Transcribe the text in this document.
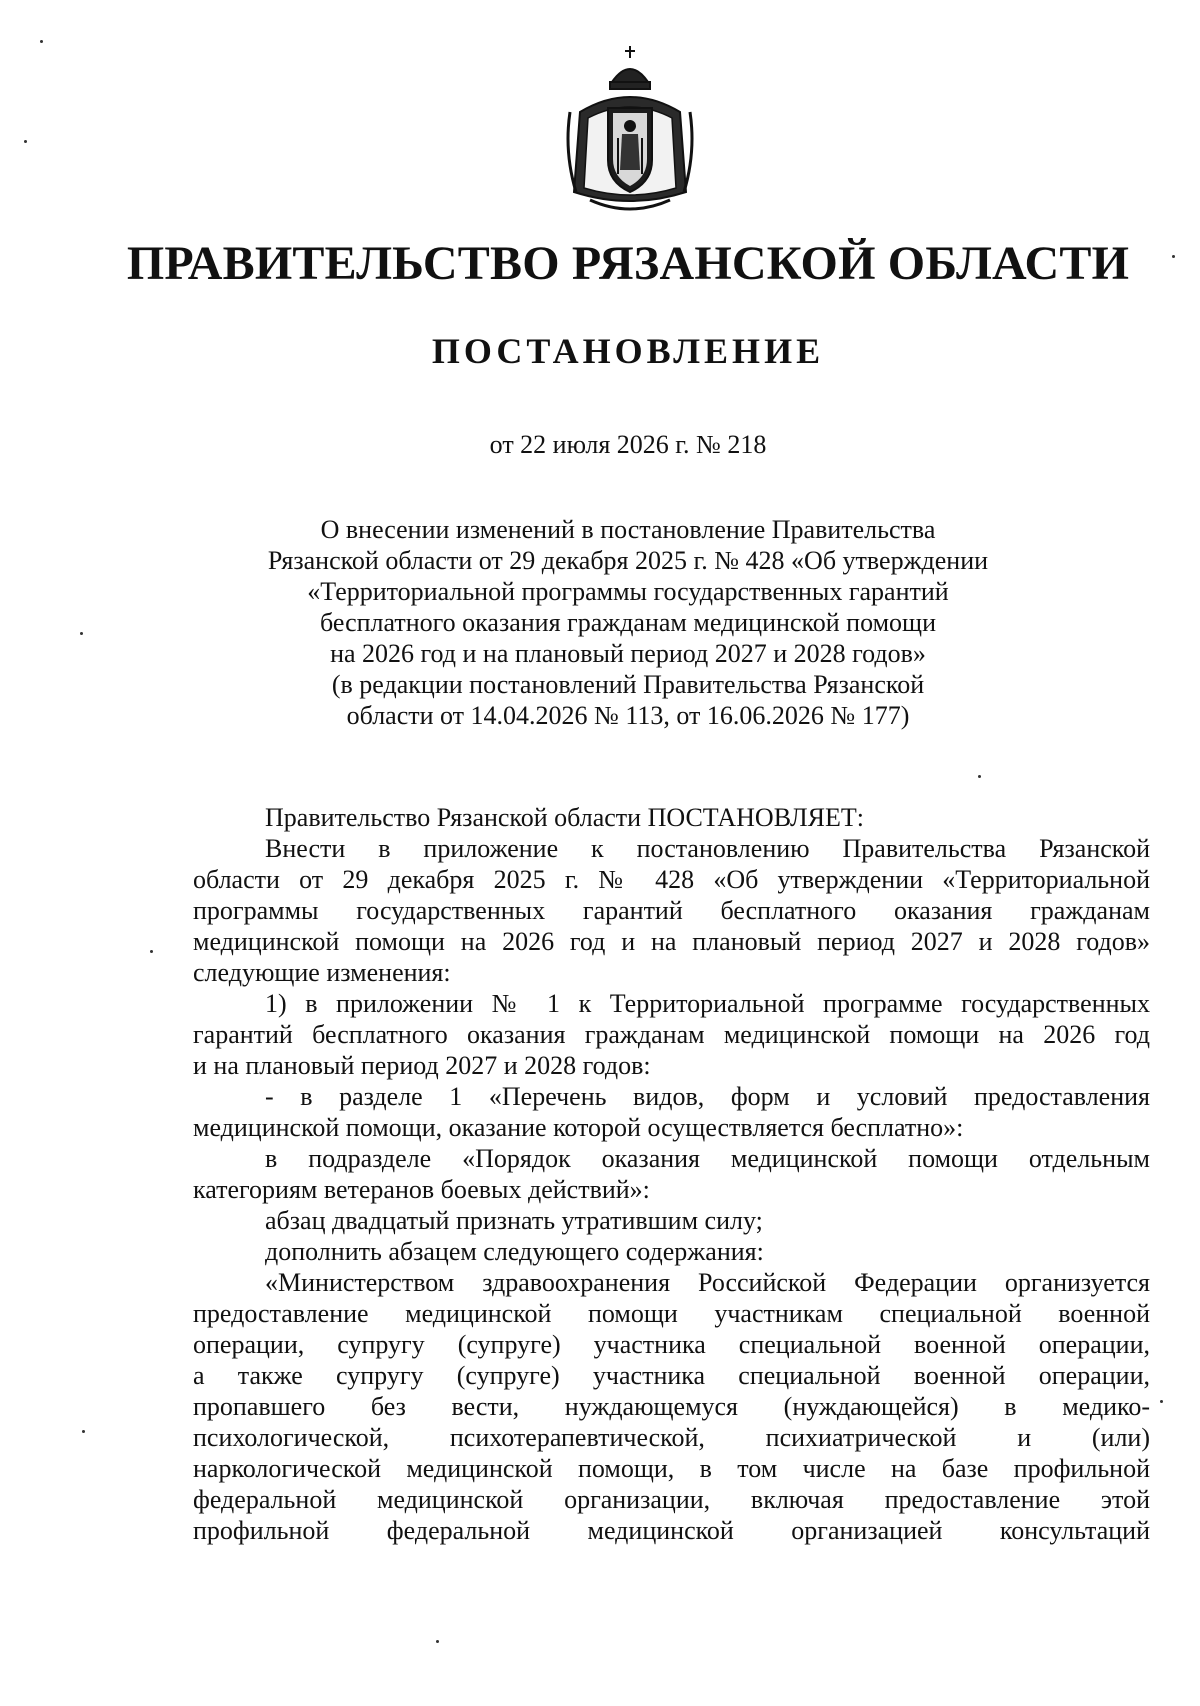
ПРАВИТЕЛЬСТВО РЯЗАНСКОЙ ОБЛАСТИ
ПОСТАНОВЛЕНИЕ
от 22 июля 2026 г. № 218
О внесении изменений в постановление Правительства
Рязанской области от 29 декабря 2025 г. № 428 «Об утверждении
«Территориальной программы государственных гарантий
бесплатного оказания гражданам медицинской помощи
на 2026 год и на плановый период 2027 и 2028 годов»
(в редакции постановлений Правительства Рязанской
области от 14.04.2026 № 113, от 16.06.2026 № 177)
Правительство Рязанской области ПОСТАНОВЛЯЕТ:
Внести в приложение к постановлению Правительства Рязанской
области от 29 декабря 2025 г. № 428 «Об утверждении «Территориальной
программы государственных гарантий бесплатного оказания гражданам
медицинской помощи на 2026 год и на плановый период 2027 и 2028 годов»
следующие изменения:
1) в приложении № 1 к Территориальной программе государственных
гарантий бесплатного оказания гражданам медицинской помощи на 2026 год
и на плановый период 2027 и 2028 годов:
- в разделе 1 «Перечень видов, форм и условий предоставления
медицинской помощи, оказание которой осуществляется бесплатно»:
в подразделе «Порядок оказания медицинской помощи отдельным
категориям ветеранов боевых действий»:
абзац двадцатый признать утратившим силу;
дополнить абзацем следующего содержания:
«Министерством здравоохранения Российской Федерации организуется
предоставление медицинской помощи участникам специальной военной
операции, супругу (супруге) участника специальной военной операции,
а также супругу (супруге) участника специальной военной операции,
пропавшего без вести, нуждающемуся (нуждающейся) в медико-
психологической, психотерапевтической, психиатрической и (или)
наркологической медицинской помощи, в том числе на базе профильной
федеральной медицинской организации, включая предоставление этой
профильной федеральной медицинской организацией консультаций
